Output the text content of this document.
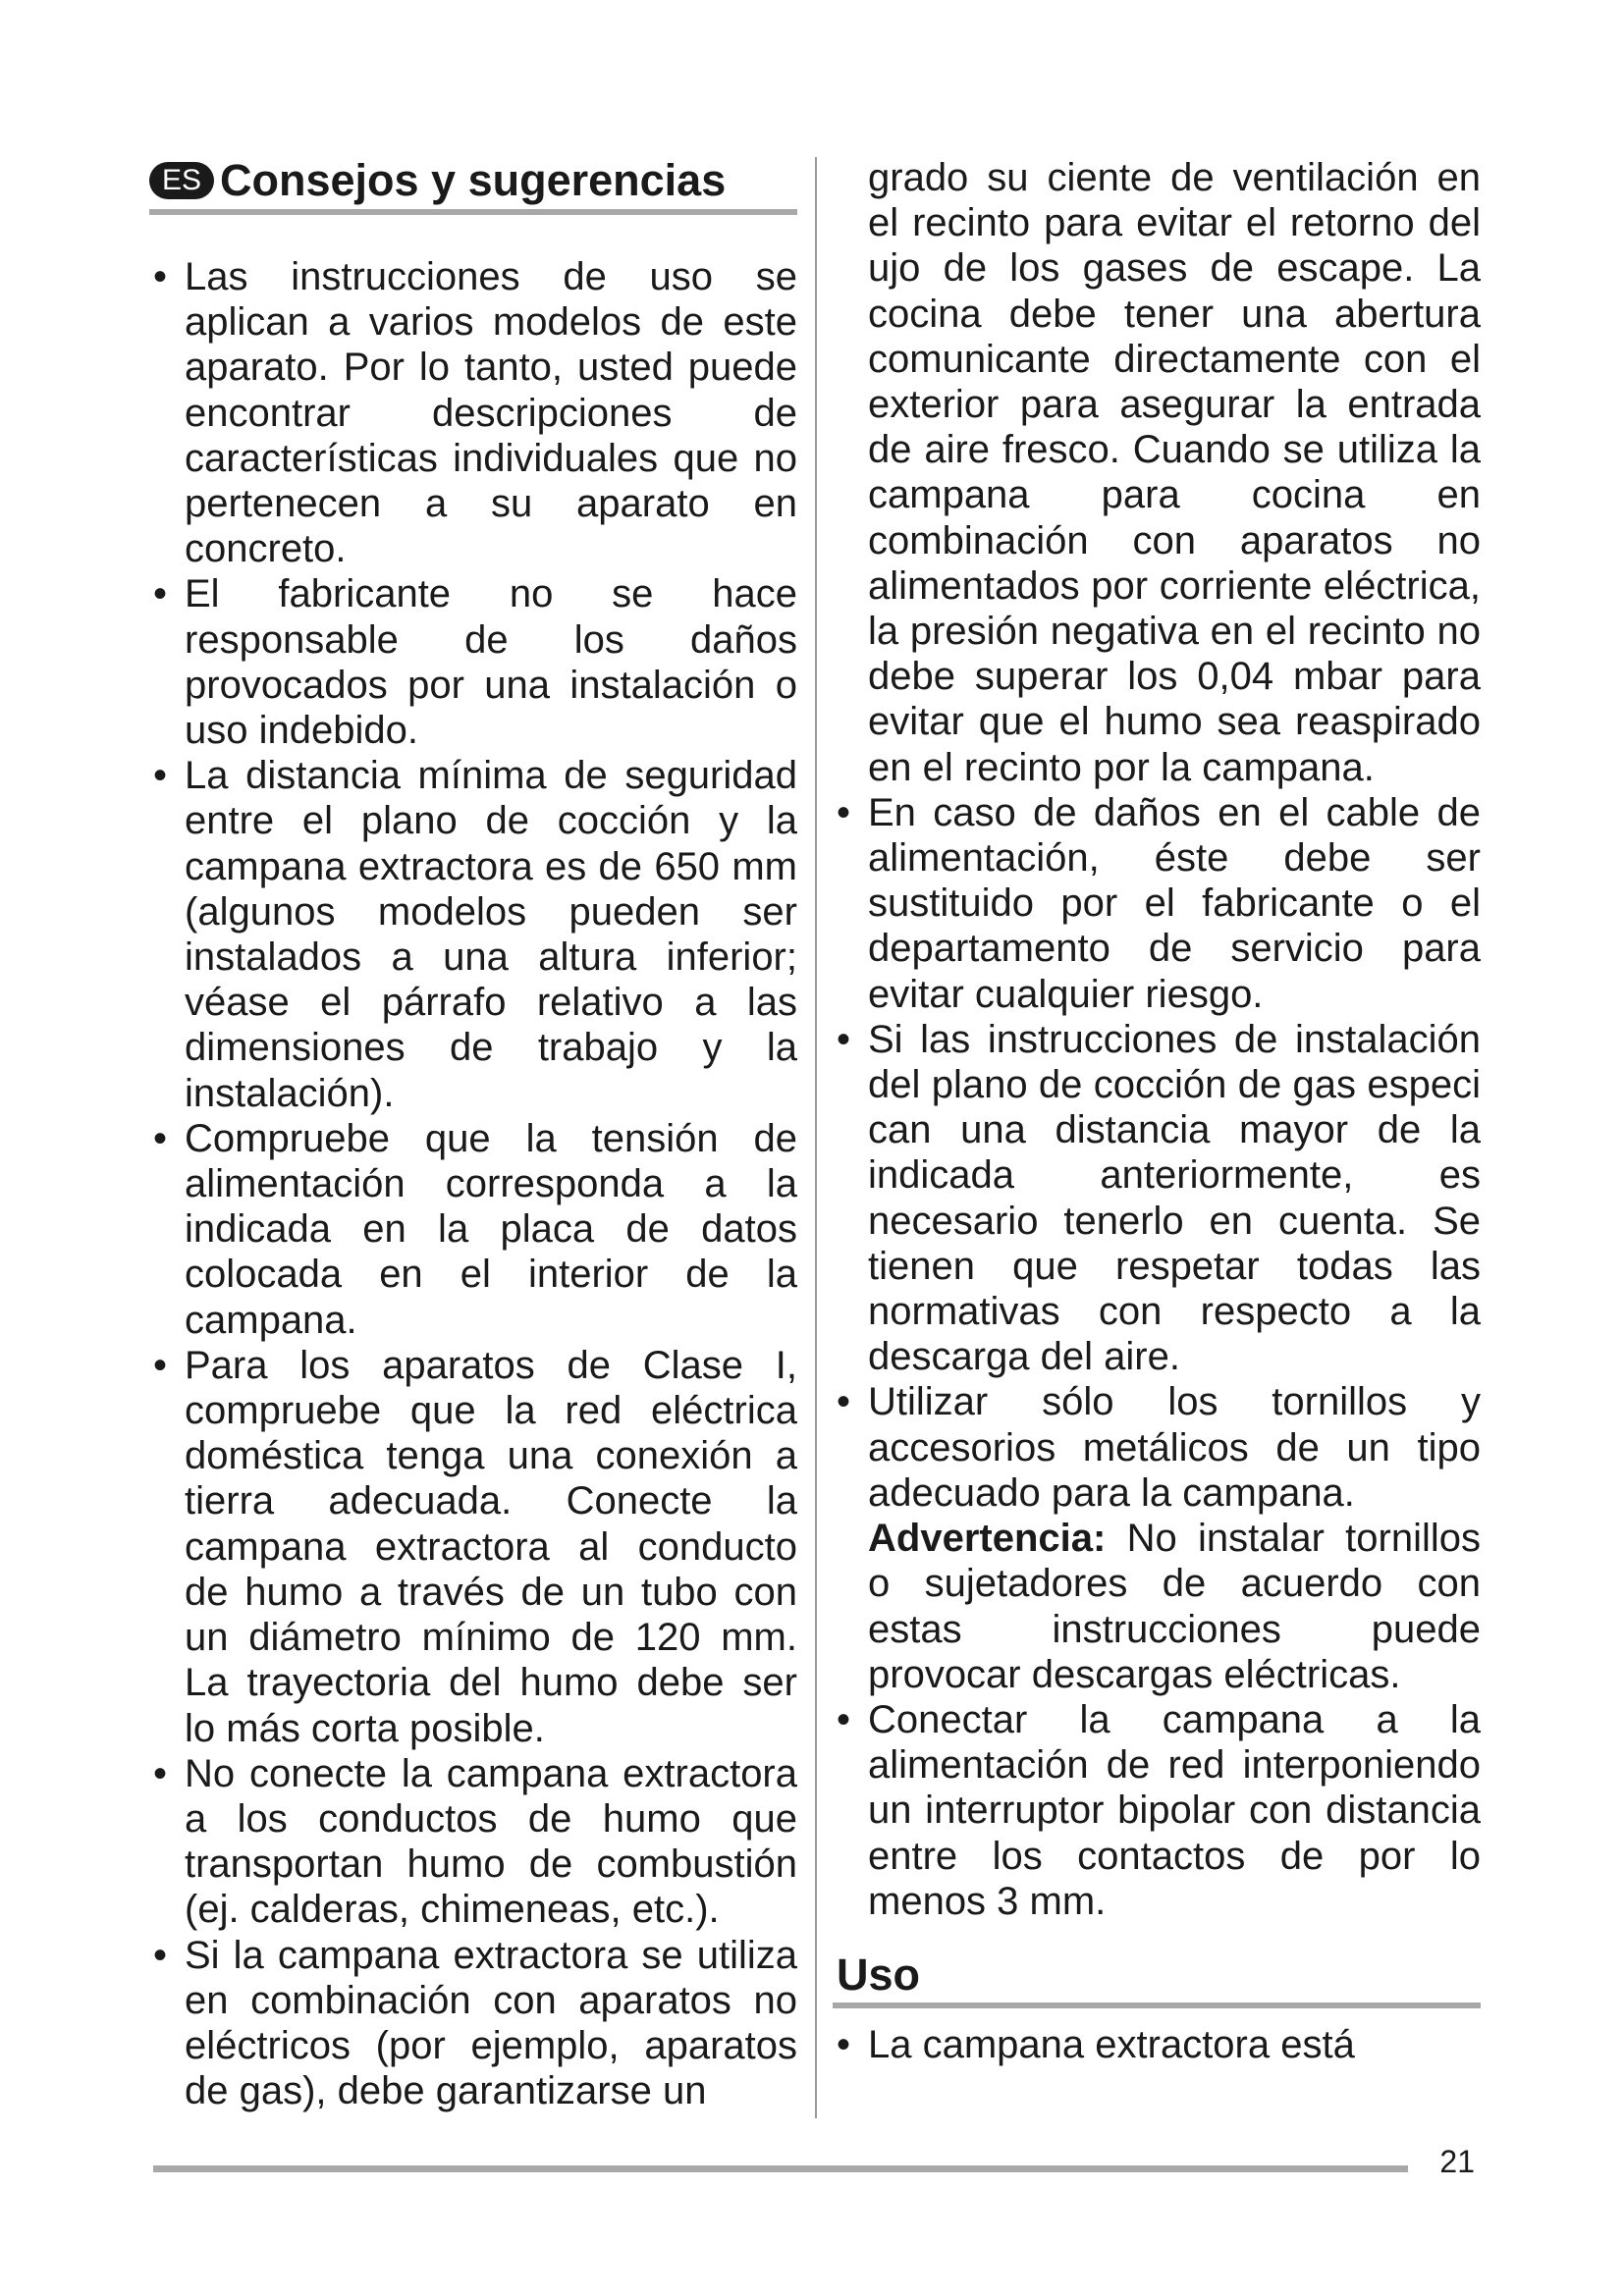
ES Consejos y sugerencias
• Las instrucciones de uso se aplican a varios modelos de este aparato. Por lo tanto, usted puede encontrar descripciones de características individuales que no pertenecen a su aparato en concreto.
• El fabricante no se hace responsable de los daños provocados por una instalación o uso indebido.
• La distancia mínima de seguridad entre el plano de cocción y la campana extractora es de 650 mm (algunos modelos pueden ser instalados a una altura inferior; véase el párrafo relativo a las dimensiones de trabajo y la instalación).
• Compruebe que la tensión de alimentación corresponda a la indicada en la placa de datos colocada en el interior de la campana.
• Para los aparatos de Clase I, compruebe que la red eléctrica doméstica tenga una conexión a tierra adecuada. Conecte la campana extractora al conducto de humo a través de un tubo con un diámetro mínimo de 120 mm. La trayectoria del humo debe ser lo más corta posible.
• No conecte la campana extractora a los conductos de humo que transportan humo de combustión (ej. calderas, chimeneas, etc.).
• Si la campana extractora se utiliza en combinación con aparatos no eléctricos (por ejemplo, aparatos de gas), debe garantizarse un

grado su ciente de ventilación en el recinto para evitar el retorno del ujo de los gases de escape. La cocina debe tener una abertura comunicante directamente con el exterior para asegurar la entrada de aire fresco. Cuando se utiliza la campana para cocina en combinación con aparatos no alimentados por corriente eléctrica, la presión negativa en el recinto no debe superar los 0,04 mbar para evitar que el humo sea reaspirado en el recinto por la campana.

• En caso de daños en el cable de alimentación, éste debe ser sustituido por el fabricante o el departamento de servicio para evitar cualquier riesgo.
• Si las instrucciones de instalación del plano de cocción de gas especi can una distancia mayor de la indicada anteriormente, es necesario tenerlo en cuenta. Se tienen que respetar todas las normativas con respecto a la descarga del aire.

• Utilizar sólo los tornillos y accesorios metálicos de un tipo adecuado para la campana.

Advertencia: No instalar tornillos o sujetadores de acuerdo con estas instrucciones puede provocar descargas eléctricas.

• Conectar la campana a la alimentación de red interponiendo un interruptor bipolar con distancia entre los contactos de por lo menos 3 mm.
Uso
• La campana extractora está
21
